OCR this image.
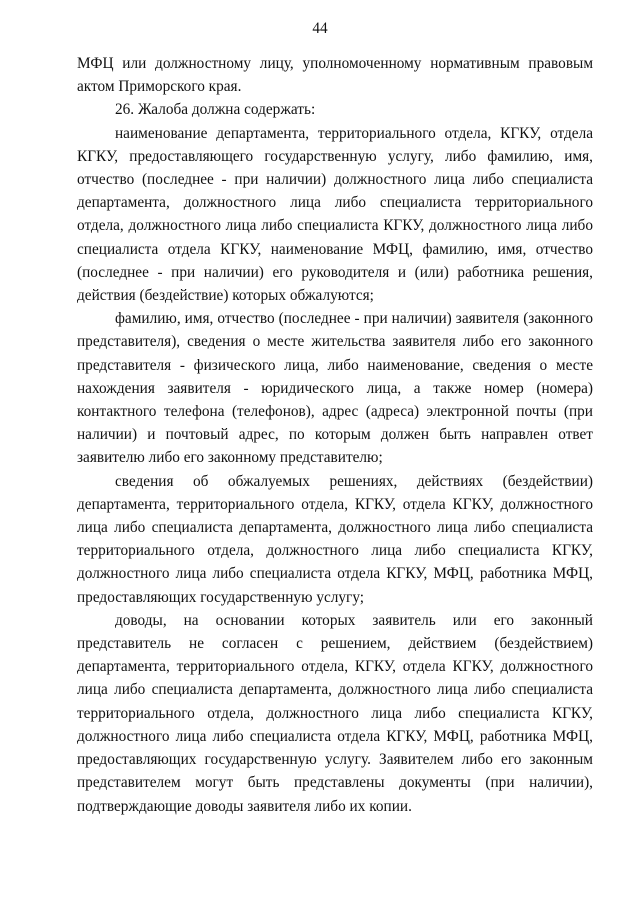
44

МФЦ или должностному лицу, уполномоченному нормативным правовым актом Приморского края.

26. Жалоба должна содержать:

наименование департамента, территориального отдела, КГКУ, отдела КГКУ, предоставляющего государственную услугу, либо фамилию, имя, отчество (последнее - при наличии) должностного лица либо специалиста департамента, должностного лица либо специалиста территориального отдела, должностного лица либо специалиста КГКУ, должностного лица либо специалиста отдела КГКУ, наименование МФЦ, фамилию, имя, отчество (последнее - при наличии) его руководителя и (или) работника решения, действия (бездействие) которых обжалуются;

фамилию, имя, отчество (последнее - при наличии) заявителя (законного представителя), сведения о месте жительства заявителя либо его законного представителя - физического лица, либо наименование, сведения о месте нахождения заявителя - юридического лица, а также номер (номера) контактного телефона (телефонов), адрес (адреса) электронной почты (при наличии) и почтовый адрес, по которым должен быть направлен ответ заявителю либо его законному представителю;

сведения об обжалуемых решениях, действиях (бездействии) департамента, территориального отдела, КГКУ, отдела КГКУ, должностного лица либо специалиста департамента, должностного лица либо специалиста территориального отдела, должностного лица либо специалиста КГКУ, должностного лица либо специалиста отдела КГКУ, МФЦ, работника МФЦ, предоставляющих государственную услугу;

доводы, на основании которых заявитель или его законный представитель не согласен с решением, действием (бездействием) департамента, территориального отдела, КГКУ, отдела КГКУ, должностного лица либо специалиста департамента, должностного лица либо специалиста территориального отдела, должностного лица либо специалиста КГКУ, должностного лица либо специалиста отдела КГКУ, МФЦ, работника МФЦ, предоставляющих государственную услугу. Заявителем либо его законным представителем могут быть представлены документы (при наличии), подтверждающие доводы заявителя либо их копии.
